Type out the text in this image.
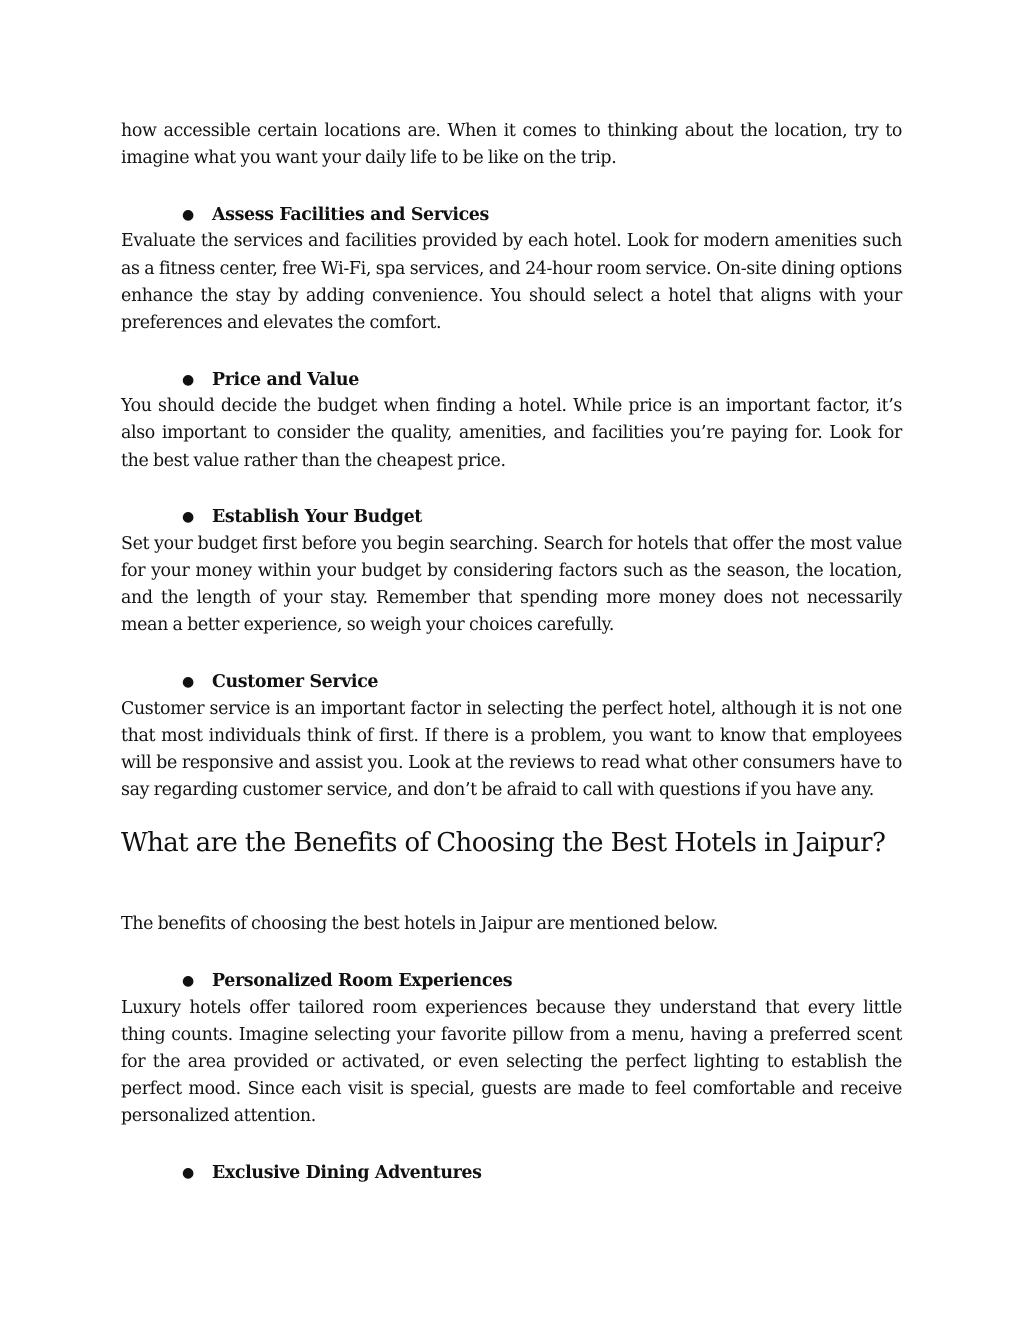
how accessible certain locations are. When it comes to thinking about the location, try to imagine what you want your daily life to be like on the trip.

●	Assess Facilities and Services

Evaluate the services and facilities provided by each hotel. Look for modern amenities such as a fitness center, free Wi-Fi, spa services, and 24-hour room service. On-site dining options enhance the stay by adding convenience. You should select a hotel that aligns with your preferences and elevates the comfort.

●	Price and Value

You should decide the budget when finding a hotel. While price is an important factor, it’s also important to consider the quality, amenities, and facilities you’re paying for. Look for the best value rather than the cheapest price.

●	Establish Your Budget

Set your budget first before you begin searching. Search for hotels that offer the most value for your money within your budget by considering factors such as the season, the location, and the length of your stay. Remember that spending more money does not necessarily mean a better experience, so weigh your choices carefully.

●	Customer Service

Customer service is an important factor in selecting the perfect hotel, although it is not one that most individuals think of first. If there is a problem, you want to know that employees will be responsive and assist you. Look at the reviews to read what other consumers have to say regarding customer service, and don’t be afraid to call with questions if you have any.

What are the Benefits of Choosing the Best Hotels in Jaipur?

The benefits of choosing the best hotels in Jaipur are mentioned below.

●	Personalized Room Experiences

Luxury hotels offer tailored room experiences because they understand that every little thing counts. Imagine selecting your favorite pillow from a menu, having a preferred scent for the area provided or activated, or even selecting the perfect lighting to establish the perfect mood. Since each visit is special, guests are made to feel comfortable and receive personalized attention.

●	Exclusive Dining Adventures
